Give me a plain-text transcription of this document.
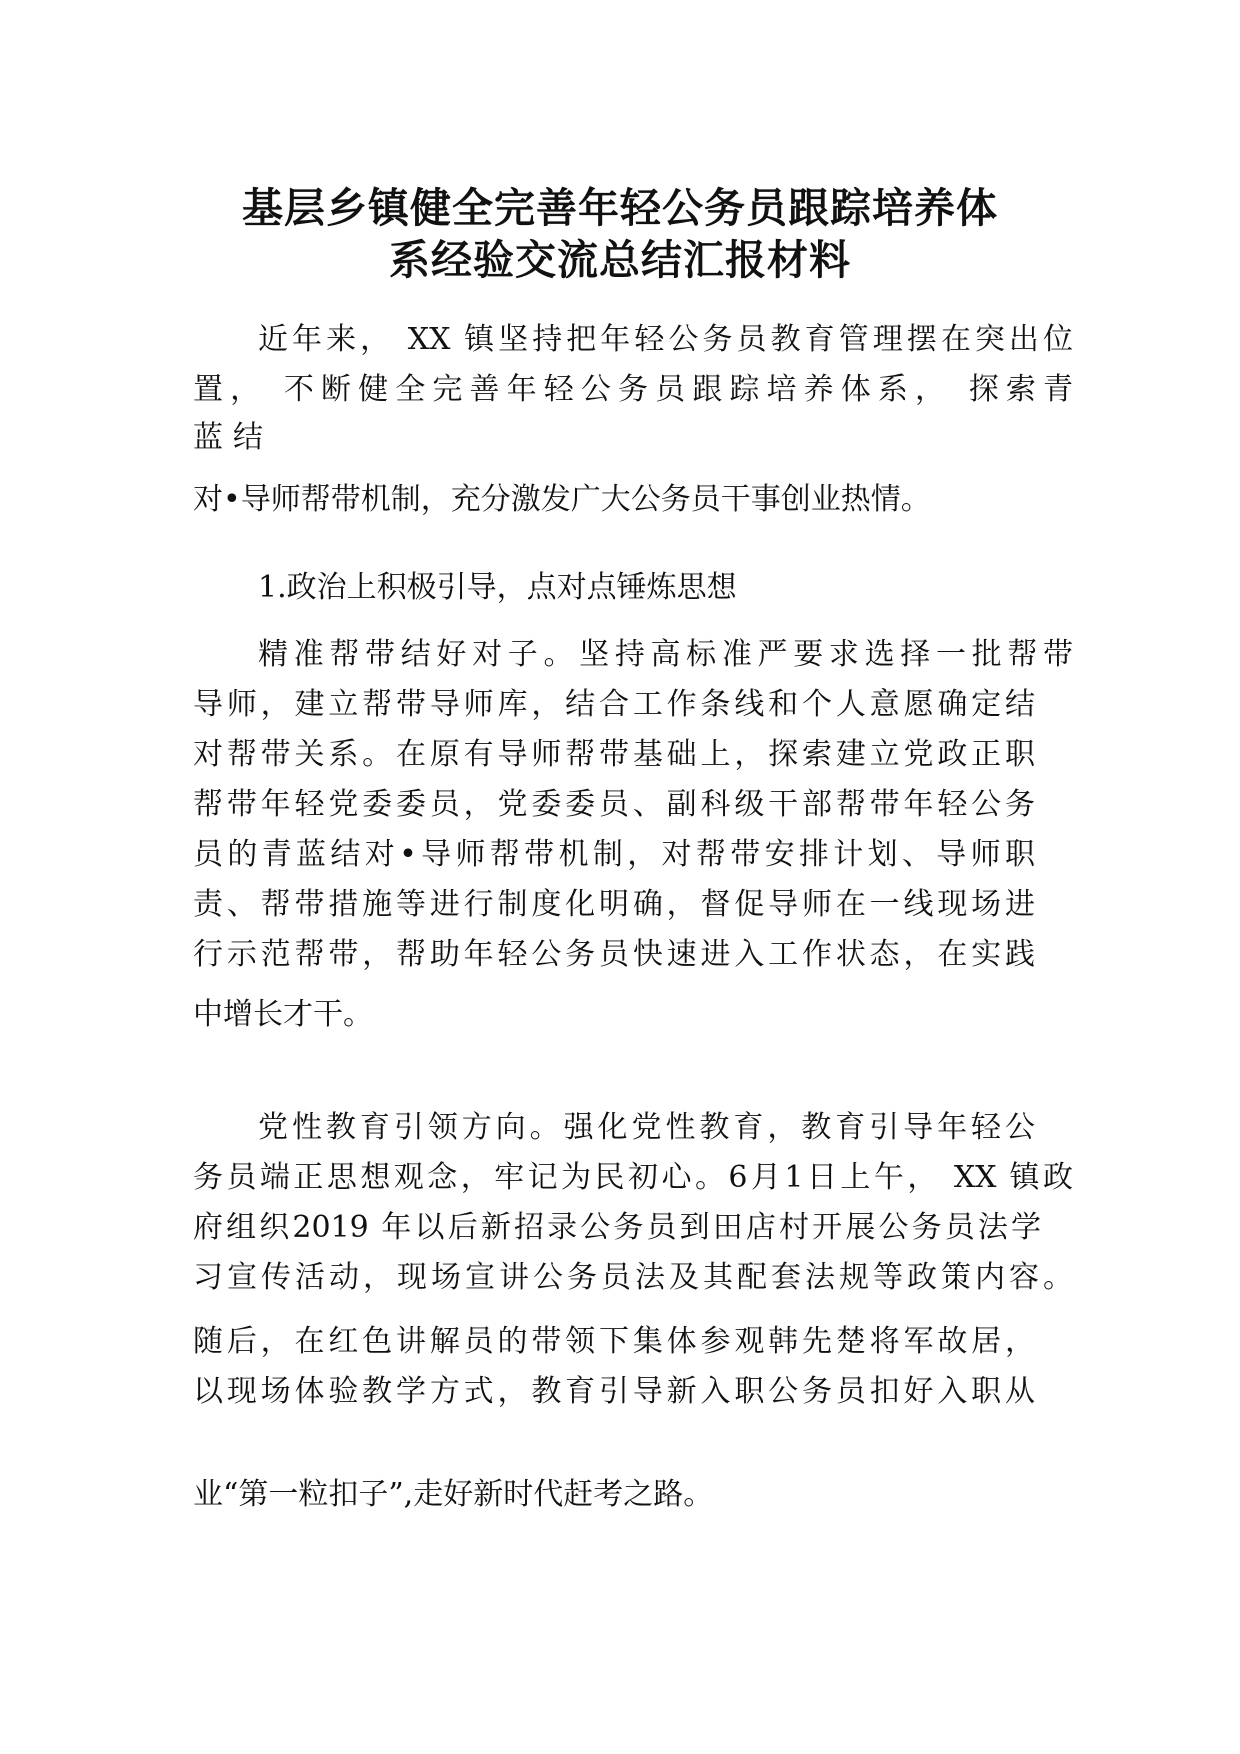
基层乡镇健全完善年轻公务员跟踪培养体
系经验交流总结汇报材料

近年来， XX 镇坚持把年轻公务员教育管理摆在突出位

置， 不断健全完善年轻公务员跟踪培养体系， 探索青

蓝结

对•导师帮带机制，充分激发广大公务员干事创业热情。

1.政治上积极引导，点对点锤炼思想

精准帮带结好对子。坚持高标准严要求选择一批帮带

导师，建立帮带导师库，结合工作条线和个人意愿确定结

对帮带关系。在原有导师帮带基础上，探索建立党政正职

帮带年轻党委委员，党委委员、副科级干部帮带年轻公务

员的青蓝结对•导师帮带机制，对帮带安排计划、导师职

责、帮带措施等进行制度化明确，督促导师在一线现场进

行示范帮带，帮助年轻公务员快速进入工作状态，在实践

中增长才干。

党性教育引领方向。强化党性教育，教育引导年轻公

务员端正思想观念，牢记为民初心。6月1日上午， XX 镇政

府组织2019 年以后新招录公务员到田店村开展公务员法学

习宣传活动，现场宣讲公务员法及其配套法规等政策内容。

随后，在红色讲解员的带领下集体参观韩先楚将军故居，

以现场体验教学方式，教育引导新入职公务员扣好入职从

业“第一粒扣子”,走好新时代赶考之路。
